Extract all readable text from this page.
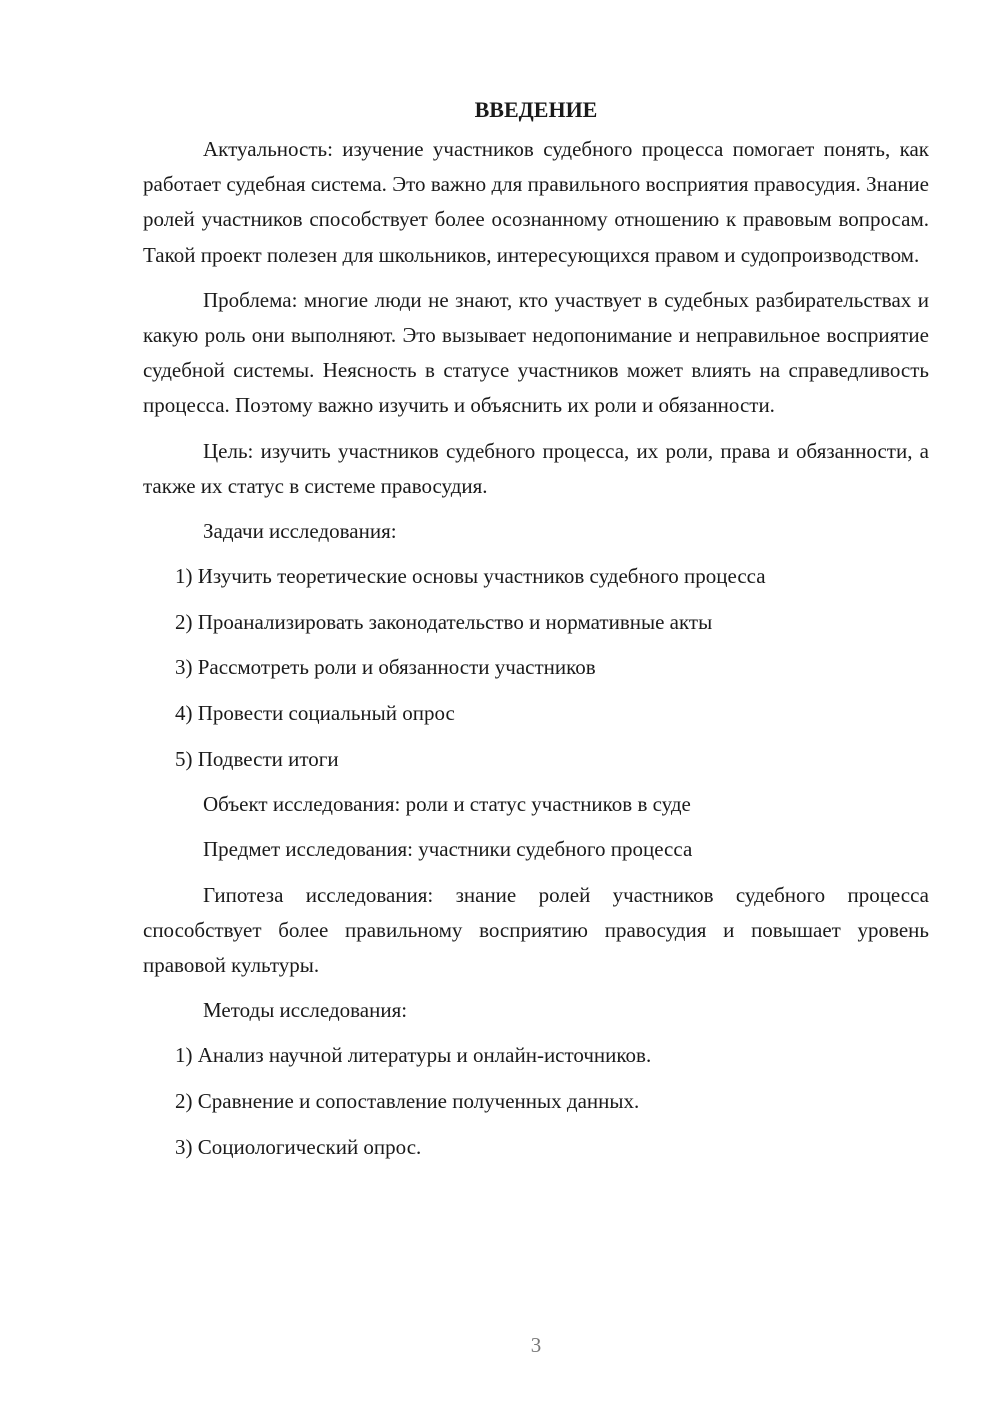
ВВЕДЕНИЕ

Актуальность: изучение участников судебного процесса помогает понять, как работает судебная система. Это важно для правильного восприятия правосудия. Знание ролей участников способствует более осознанному отношению к правовым вопросам. Такой проект полезен для школьников, интересующихся правом и судопроизводством.

Проблема: многие люди не знают, кто участвует в судебных разбирательствах и какую роль они выполняют. Это вызывает недопонимание и неправильное восприятие судебной системы. Неясность в статусе участников может влиять на справедливость процесса. Поэтому важно изучить и объяснить их роли и обязанности.

Цель: изучить участников судебного процесса, их роли, права и обязанности, а также их статус в системе правосудия.

Задачи исследования:

1) Изучить теоретические основы участников судебного процесса
2) Проанализировать законодательство и нормативные акты
3) Рассмотреть роли и обязанности участников
4) Провести социальный опрос
5) Подвести итоги

Объект исследования: роли и статус участников в суде

Предмет исследования: участники судебного процесса

Гипотеза исследования: знание ролей участников судебного процесса способствует более правильному восприятию правосудия и повышает уровень правовой культуры.

Методы исследования:

1) Анализ научной литературы и онлайн-источников.
2) Сравнение и сопоставление полученных данных.
3) Социологический опрос.
3
